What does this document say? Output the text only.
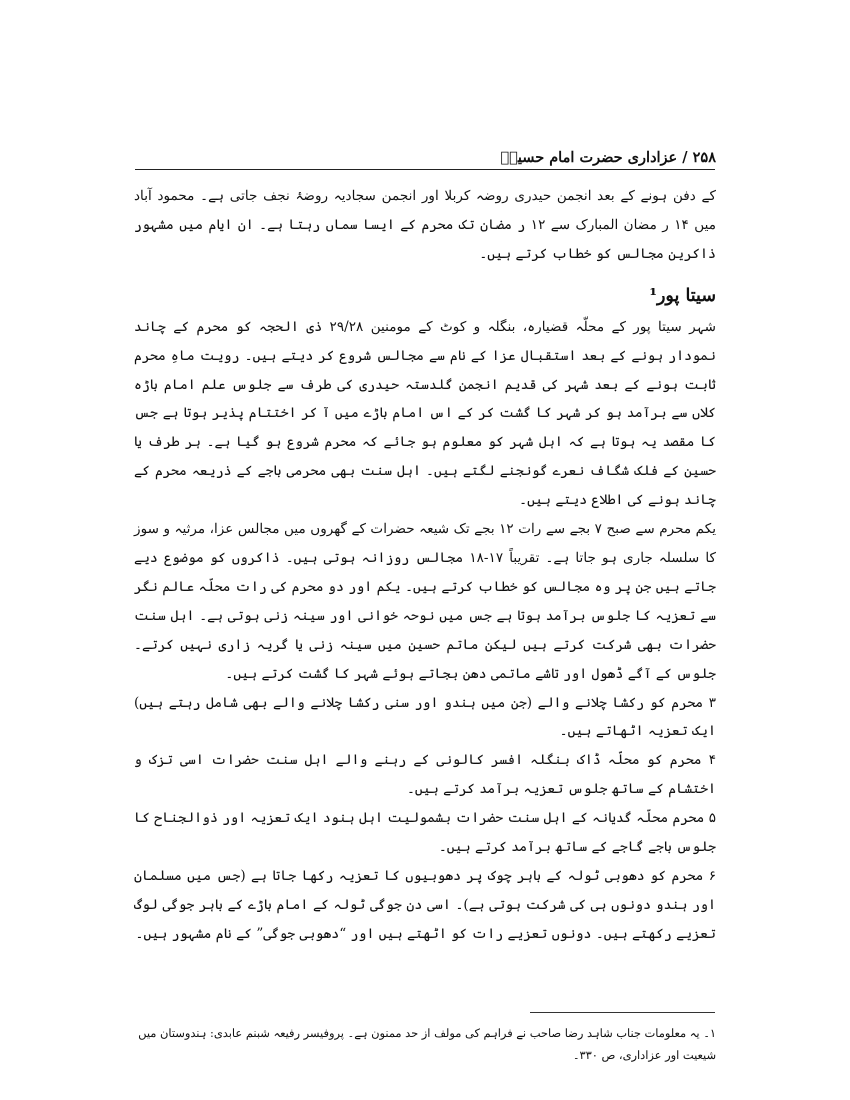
۲۵۸ / عزاداری حضرت امام حسینؑ

کے دفن ہونے کے بعد انجمن حیدری روضہ کربلا اور انجمن سجادیہ روضۂ نجف جاتی ہے۔ محمود آباد میں ۱۴ ر مضان المبارک سے ۱۲ ر مضان تک محرم کے ایسا سماں رہتا ہے۔ ان ایام میں مشہور ذاکرین مجالس کو خطاب کرتے ہیں۔

سیتا پور¹

شہر سیتا پور کے محلّہ قضیارہ، بنگلہ و کوٹ کے مومنین ۲۹/۲۸ ذی الحجہ کو محرم کے چاند نمودار ہونے کے بعد استقبال عزا کے نام سے مجالس شروع کر دیتے ہیں۔ رویت ماہِ محرم ثابت ہونے کے بعد شہر کی قدیم انجمن گلدستہ حیدری کی طرف سے جلوس علم امام باڑہ کلاں سے برآمد ہو کر شہر کا گشت کر کے اس امام باڑے میں آ کر اختتام پذیر ہوتا ہے جس کا مقصد یہ ہوتا ہے کہ اہل شہر کو معلوم ہو جائے کہ محرم شروع ہو گیا ہے۔ ہر طرف یا حسین کے فلک شگاف نعرے گونجنے لگتے ہیں۔ اہل سنت بھی محرمی باجے کے ذریعہ محرم کے چاند ہونے کی اطلاع دیتے ہیں۔

یکم محرم سے صبح ۷ بجے سے رات ۱۲ بجے تک شیعہ حضرات کے گھروں میں مجالس عزا، مرثیہ و سوز کا سلسلہ جاری ہو جاتا ہے۔ تقریباً ۱۷-۱۸ مجالس روزانہ ہوتی ہیں۔ ذاکروں کو موضوع دیے جاتے ہیں جن پر وہ مجالس کو خطاب کرتے ہیں۔ یکم اور دو محرم کی رات محلّہ عالم نگر سے تعزیہ کا جلوس برآمد ہوتا ہے جس میں نوحہ خوانی اور سینہ زنی ہوتی ہے۔ اہل سنت حضرات بھی شرکت کرتے ہیں لیکن ماتم حسین میں سینہ زنی یا گریہ زاری نہیں کرتے۔ جلوس کے آگے ڈھول اور تاشے ماتمی دھن بجاتے ہوئے شہر کا گشت کرتے ہیں۔

۳ محرم کو رکشا چلانے والے (جن میں ہندو اور سنی رکشا چلانے والے بھی شامل رہتے ہیں) ایک تعزیہ اٹھاتے ہیں۔

۴ محرم کو محلّہ ڈاک بنگلہ افسر کالونی کے رہنے والے اہل سنت حضرات اسی تزک و اختشام کے ساتھ جلوس تعزیہ برآمد کرتے ہیں۔

۵ محرم محلّہ گدیانہ کے اہل سنت حضرات بشمولیت اہل ہنود ایک تعزیہ اور ذوالجناح کا جلوس باجے گاجے کے ساتھ برآمد کرتے ہیں۔

۶ محرم کو دھوبی ٹولہ کے باہر چوک پر دھوبیوں کا تعزیہ رکھا جاتا ہے (جس میں مسلمان اور ہندو دونوں ہی کی شرکت ہوتی ہے)۔ اسی دن جوگی ٹولہ کے امام باڑے کے باہر جوگی لوگ تعزیے رکھتے ہیں۔ دونوں تعزیے رات کو اٹھتے ہیں اور “دھوبی جوگی” کے نام مشہور ہیں۔

۱۔ یہ معلومات جناب شاہد رضا صاحب نے فراہم کی مولف از حد ممنون ہے۔ پروفیسر رفیعہ شبنم عابدی: ہندوستان میں شیعیت اور عزاداری، ص ۳۳۰۔
